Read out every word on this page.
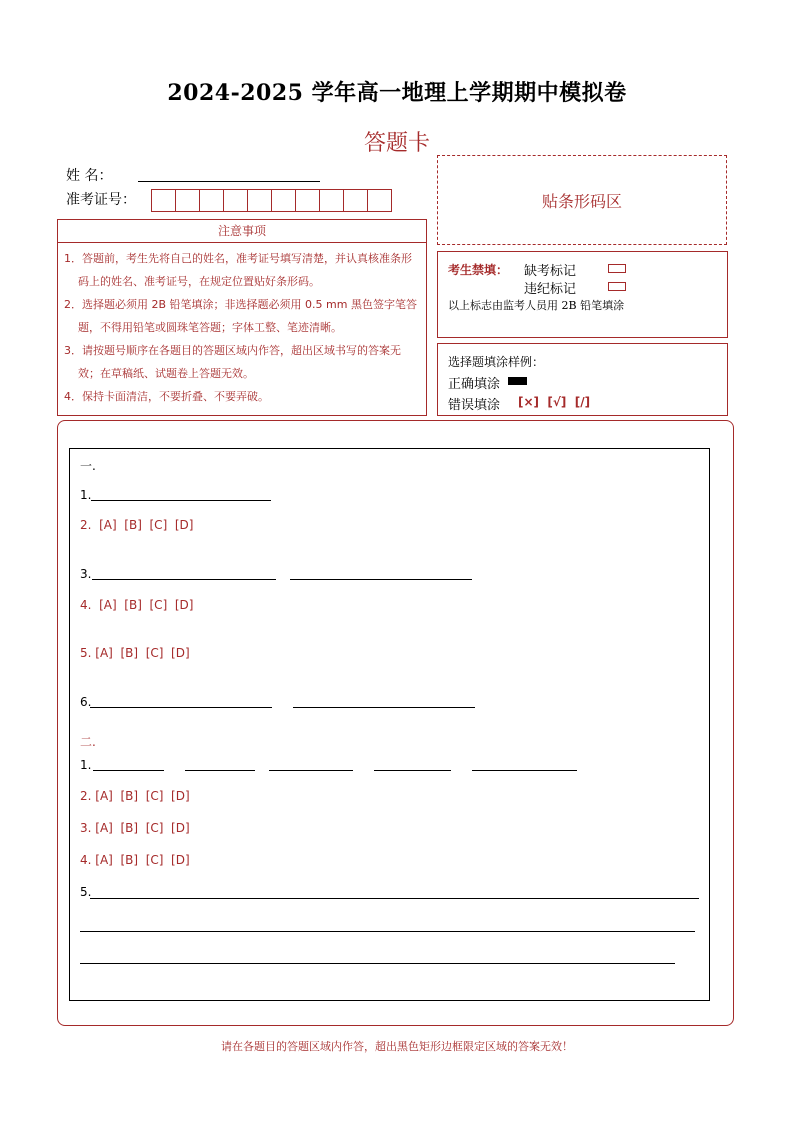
2024-2025 学年高一地理上学期期中模拟卷
答题卡
姓 名：
准考证号：	贴条形码区
注意事项
1．答题前，考生先将自己的姓名，准考证号填写清楚，并认真核准条形码上的姓名、准考证号，在规定位置贴好条形码。
2．选择题必须用 2B 铅笔填涂；非选择题必须用 0.5 mm 黑色签字笔答题，不得用铅笔或圆珠笔答题；字体工整、笔迹清晰。
3．请按题号顺序在各题目的答题区域内作答，超出区域书写的答案无效；在草稿纸、试题卷上答题无效。
4．保持卡面清洁，不要折叠、不要弄破。
考生禁填： 缺考标记
违纪标记
以上标志由监考人员用 2B 铅笔填涂
选择题填涂样例：
正确填涂
错误填涂 [×]  [√]  [/]
一.
1.
2.  [A]  [B]  [C]  [D]
3.
4.  [A]  [B]  [C]  [D]
5. [A]  [B]  [C]  [D]
6.
二.
1.
2. [A]  [B]  [C]  [D]
3. [A]  [B]  [C]  [D]
4. [A]  [B]  [C]  [D]
5.
请在各题目的答题区域内作答，超出黑色矩形边框限定区域的答案无效！
